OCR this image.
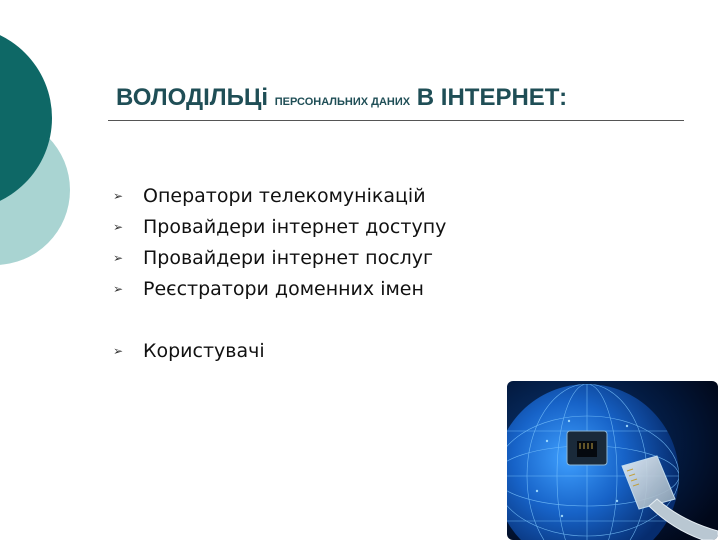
ВОЛОДІЛЬЦі ПЕРСОНАЛЬНИХ ДАНИХ В ІНТЕРНЕТ:
➢	Оператори телекомунікацій
➢	Провайдери інтернет доступу
➢	Провайдери інтернет послуг
➢	Реєстратори доменних імен
➢	Користувачі
